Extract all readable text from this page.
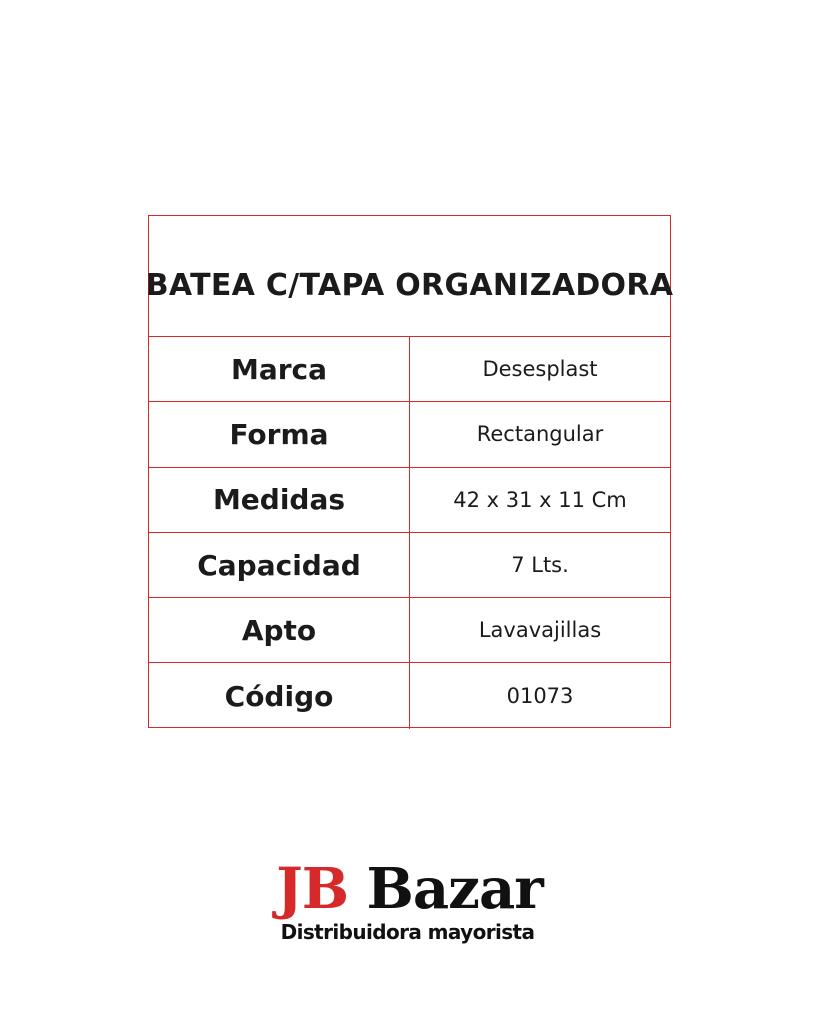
BATEA C/TAPA ORGANIZADORA
Marca	Desesplast
Forma	Rectangular
Medidas	42 x 31 x 11 Cm
Capacidad	7 Lts.
Apto	Lavavajillas
Código	01073
JB Bazar
Distribuidora mayorista
